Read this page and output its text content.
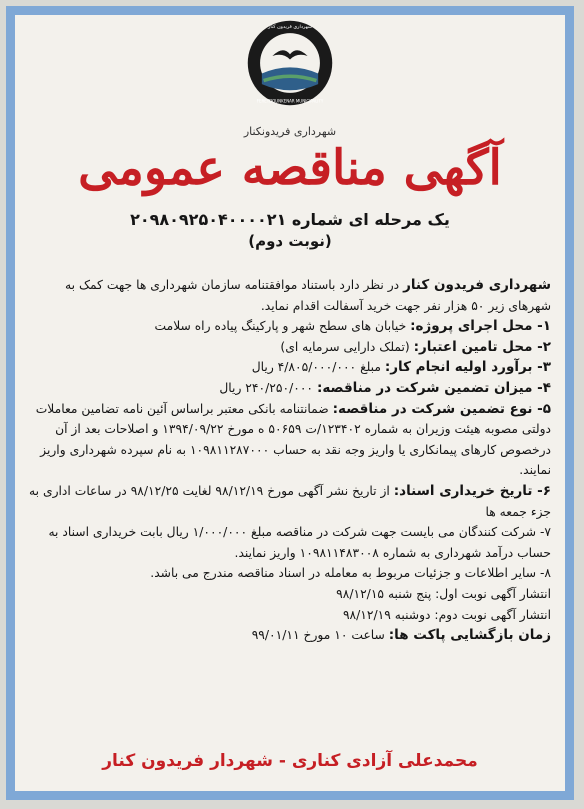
شهرداری فریدون کنار
FEREYDOUNKENAR MUNICIPALITY
شهرداری فریدونکنار
آگهی مناقصه عمومی
یک مرحله ای شماره ۲۰۹۸۰۹۲۵۰۴۰۰۰۰۲۱
(نوبت دوم)

شهرداری فریدون کنار در نظر دارد باستناد موافقتنامه سازمان شهرداری ها جهت کمک به شهرهای زیر ۵۰ هزار نفر جهت خرید آسفالت اقدام نماید.

۱- محل اجرای پروژه: خیابان های سطح شهر و پارکینگ پیاده راه سلامت

۲- محل تامین اعتبار: (تملک دارایی سرمایه ای)

۳- برآورد اولیه انجام کار: مبلغ ۴/۸۰۵/۰۰۰/۰۰۰ ریال

۴- میزان تضمین شرکت در مناقصه: ۲۴۰/۲۵۰/۰۰۰ ریال

۵- نوع تضمین شرکت در مناقصه: ضمانتنامه بانکی معتبر براساس آئین نامه تضامین معاملات دولتی مصوبه هیئت وزیران به شماره ۱۲۳۴۰۲/ت ۵۰۶۵۹ ه مورخ ۱۳۹۴/۰۹/۲۲ و اصلاحات بعد از آن درخصوص کارهای پیمانکاری یا واریز وجه نقد به حساب ۱۰۹۸۱۱۲۸۷۰۰۰ به نام سپرده شهرداری واریز نمایند.

۶- تاریخ خریداری اسناد: از تاریخ نشر آگهی مورخ ۹۸/۱۲/۱۹ لغایت ۹۸/۱۲/۲۵ در ساعات اداری به جزء جمعه ها

۷- شرکت کنندگان می بایست جهت شرکت در مناقصه مبلغ ۱/۰۰۰/۰۰۰ ریال بابت خریداری اسناد به حساب درآمد شهرداری به شماره ۱۰۹۸۱۱۴۸۳۰۰۸ واریز نمایند.

۸- سایر اطلاعات و جزئیات مربوط به معامله در اسناد مناقصه مندرج می باشد.

انتشار آگهی نوبت اول: پنج شنبه ۹۸/۱۲/۱۵

انتشار آگهی نوبت دوم: دوشنبه ۹۸/۱۲/۱۹

زمان بازگشایی پاکت ها: ساعت ۱۰ مورخ ۹۹/۰۱/۱۱

محمدعلی آزادی کناری - شهردار فریدون کنار
